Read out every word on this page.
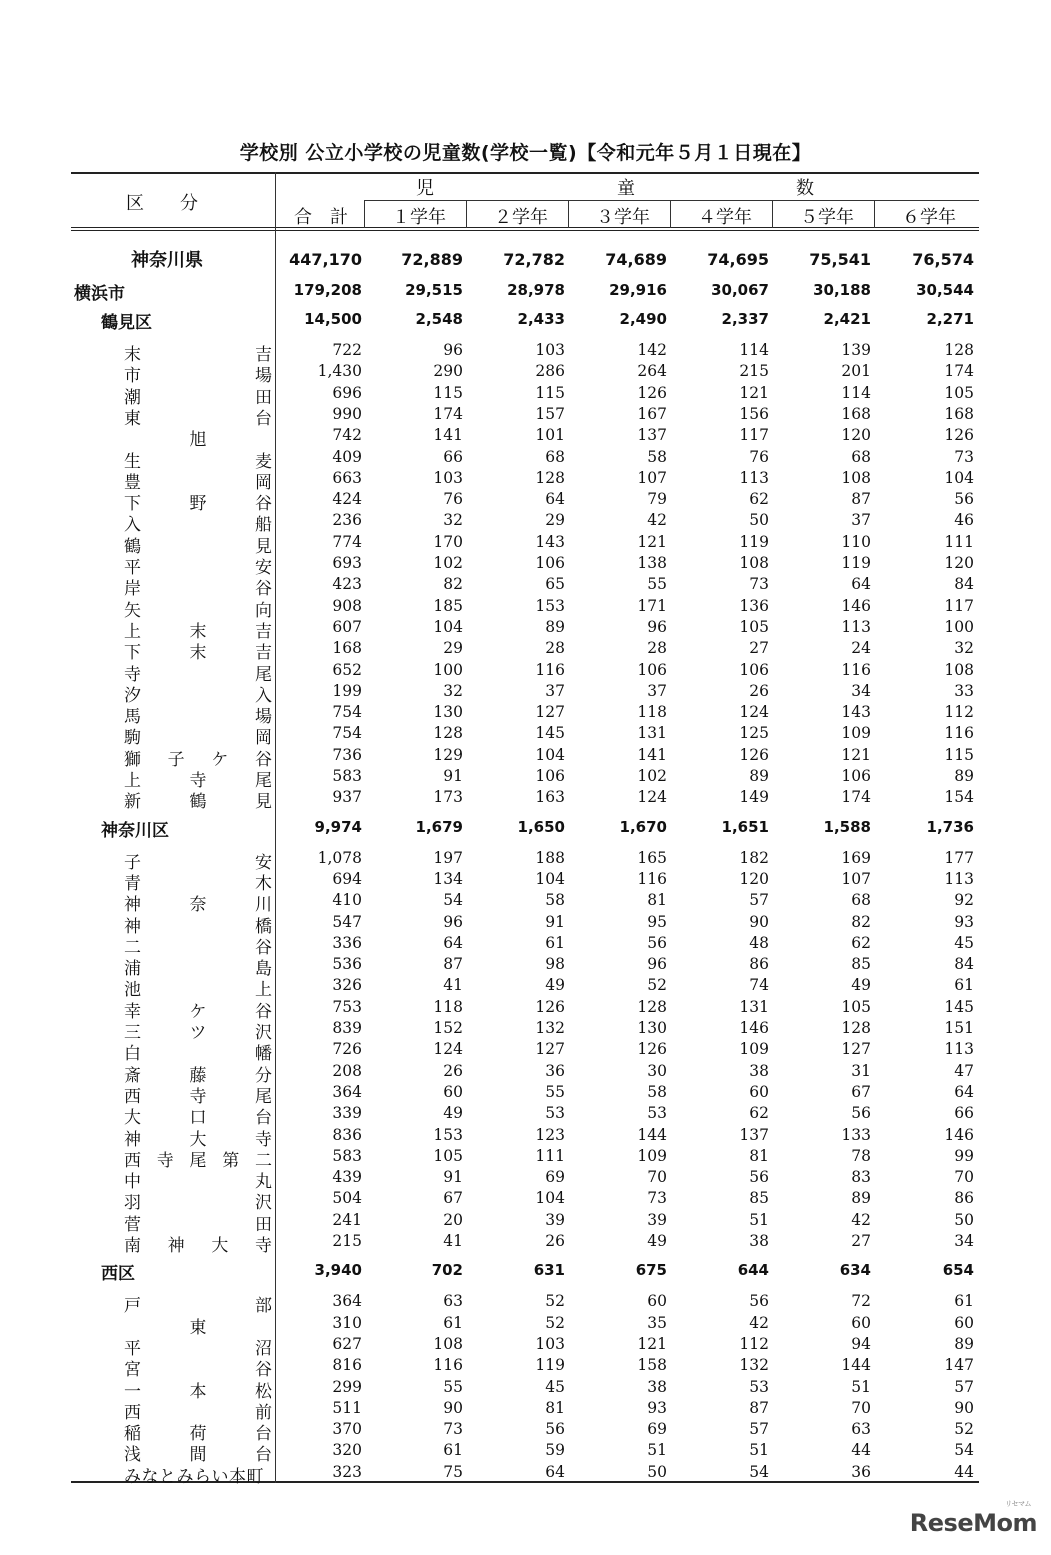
学校別 公立小学校の児童数(学校一覧)【令和元年５月１日現在】
区　　分
児	童	数
合　計	１学年	２学年	３学年	４学年	５学年	６学年
神奈川県	447,170	72,889	72,782	74,689	74,695	75,541	76,574
横浜市	179,208	29,515	28,978	29,916	30,067	30,188	30,544
鶴見区	14,500	2,548	2,433	2,490	2,337	2,421	2,271
末	吉	722	96	103	142	114	139	128
市	場	1,430	290	286	264	215	201	174
潮	田	696	115	115	126	121	114	105
東	台	990	174	157	167	156	168	168
旭	742	141	101	137	117	120	126
生	麦	409	66	68	58	76	68	73
豊	岡	663	103	128	107	113	108	104
下	野	谷	424	76	64	79	62	87	56
入	船	236	32	29	42	50	37	46
鶴	見	774	170	143	121	119	110	111
平	安	693	102	106	138	108	119	120
岸	谷	423	82	65	55	73	64	84
矢	向	908	185	153	171	136	146	117
上	末	吉	607	104	89	96	105	113	100
下	末	吉	168	29	28	28	27	24	32
寺	尾	652	100	116	106	106	116	108
汐	入	199	32	37	37	26	34	33
馬	場	754	130	127	118	124	143	112
駒	岡	754	128	145	131	125	109	116
獅 子 ケ 谷	736	129	104	141	126	121	115
上	寺	尾	583	91	106	102	89	106	89
新	鶴	見	937	173	163	124	149	174	154
神奈川区	9,974	1,679	1,650	1,670	1,651	1,588	1,736
子	安	1,078	197	188	165	182	169	177
青	木	694	134	104	116	120	107	113
神	奈	川	410	54	58	81	57	68	92
神	橋	547	96	91	95	90	82	93
二	谷	336	64	61	56	48	62	45
浦	島	536	87	98	96	86	85	84
池	上	326	41	49	52	74	49	61
幸	ケ	谷	753	118	126	128	131	105	145
三	ツ	沢	839	152	132	130	146	128	151
白	幡	726	124	127	126	109	127	113
斎	藤	分	208	26	36	30	38	31	47
西	寺	尾	364	60	55	58	60	67	64
大	口	台	339	49	53	53	62	56	66
神	大	寺	836	153	123	144	137	133	146
西 寺 尾 第 二	583	105	111	109	81	78	99
中	丸	439	91	69	70	56	83	70
羽	沢	504	67	104	73	85	89	86
菅	田	241	20	39	39	51	42	50
南 神 大 寺	215	41	26	49	38	27	34
西区	3,940	702	631	675	644	634	654
戸	部	364	63	52	60	56	72	61
東	310	61	52	35	42	60	60
平	沼	627	108	103	121	112	94	89
宮	谷	816	116	119	158	132	144	147
一	本	松	299	55	45	38	53	51	57
西	前	511	90	81	93	87	70	90
稲	荷	台	370	73	56	69	57	63	52
浅	間	台	320	61	59	51	51	44	54
みなとみらい本町	323	75	64	50	54	36	44
リセマム
ReseMom
